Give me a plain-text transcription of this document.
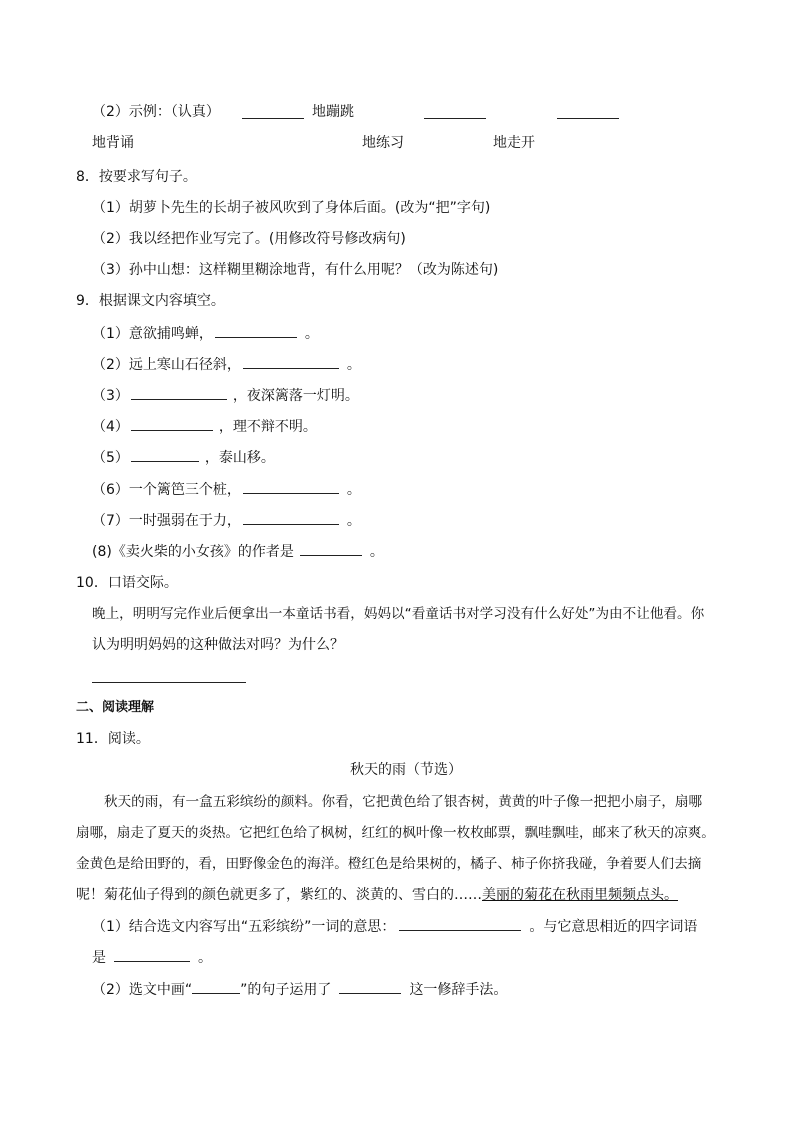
（2）示例：（认真）	地蹦跳
地背诵	地练习	地走开
8．按要求写句子。
（1）胡萝卜先生的长胡子被风吹到了身体后面。(改为“把”字句)
（2）我以经把作业写完了。(用修改符号修改病句)
（3）孙中山想：这样糊里糊涂地背，有什么用呢？（改为陈述句)
9．根据课文内容填空。
（1）意欲捕鸣蝉，	。
（2）远上寒山石径斜，	。
（3）	，夜深篱落一灯明。
（4）	，理不辩不明。
（5）	，泰山移。
（6）一个篱笆三个桩，	。
（7）一时强弱在于力，	。
(8)《卖火柴的小女孩》的作者是	。
10．口语交际。
晚上，明明写完作业后便拿出一本童话书看，妈妈以“看童话书对学习没有什么好处”为由不让他看。你
认为明明妈妈的这种做法对吗？为什么？
二、阅读理解
11．阅读。
秋天的雨（节选）
秋天的雨，有一盒五彩缤纷的颜料。你看，它把黄色给了银杏树，黄黄的叶子像一把把小扇子，扇哪
扇哪，扇走了夏天的炎热。它把红色给了枫树，红红的枫叶像一枚枚邮票，飘哇飘哇，邮来了秋天的凉爽。
金黄色是给田野的，看，田野像金色的海洋。橙红色是给果树的，橘子、柿子你挤我碰，争着要人们去摘
呢！菊花仙子得到的颜色就更多了，紫红的、淡黄的、雪白的……美丽的菊花在秋雨里频频点头。
（1）结合选文内容写出“五彩缤纷”一词的意思：	。与它意思相近的四字词语
是	。
（2）选文中画“	”的句子运用了	这一修辞手法。
